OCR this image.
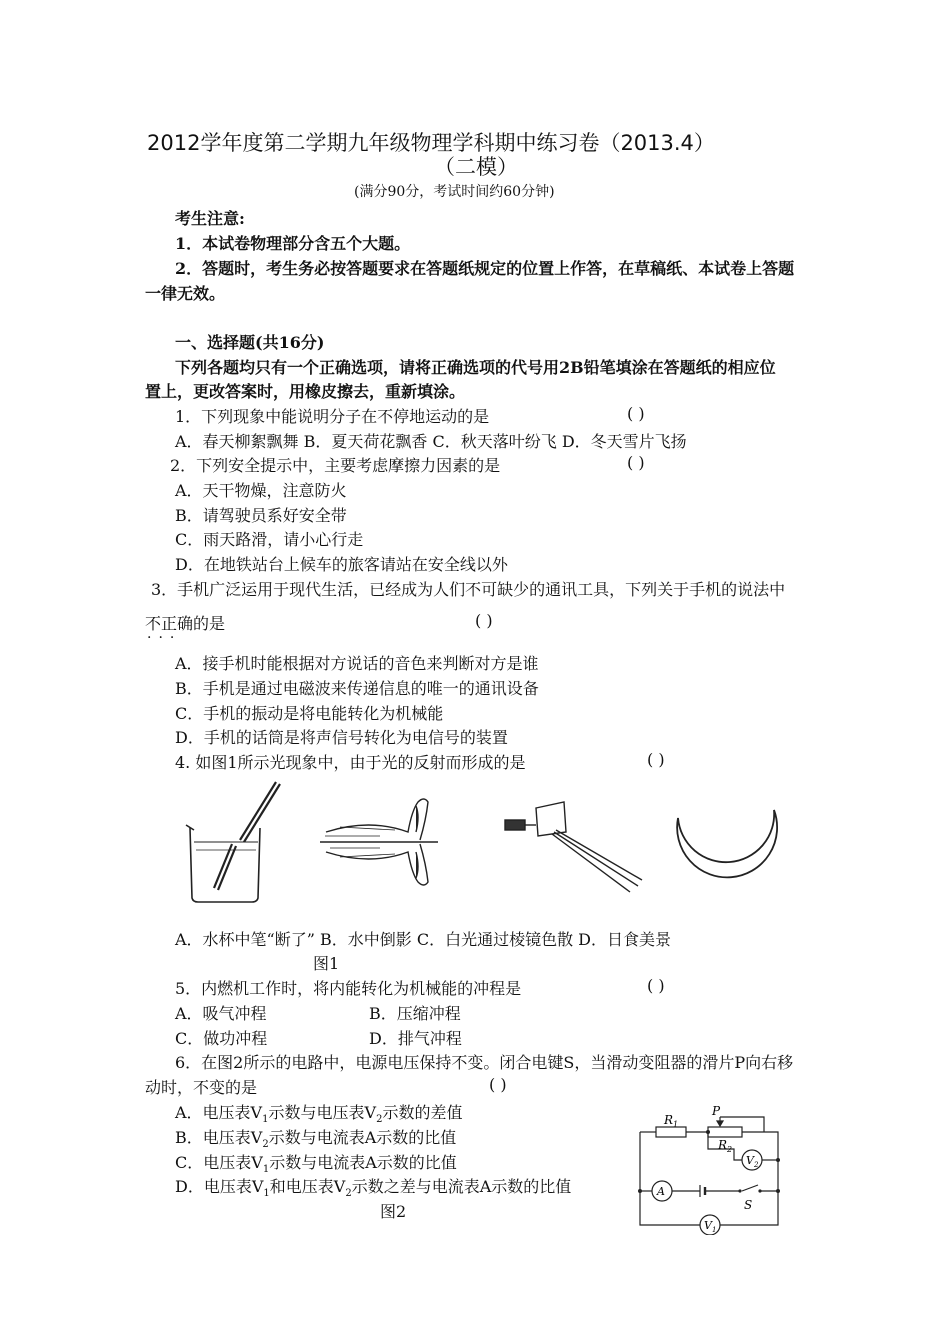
2012学年度第二学期九年级物理学科期中练习卷（2013.4）
（二模）
(满分90分，考试时间约60分钟)
考生注意:
1．本试卷物理部分含五个大题。
2．答题时，考生务必按答题要求在答题纸规定的位置上作答，在草稿纸、本试卷上答题
一律无效。
一、选择题(共16分)
下列各题均只有一个正确选项，请将正确选项的代号用2B铅笔填涂在答题纸的相应位
置上，更改答案时，用橡皮擦去，重新填涂。
1．下列现象中能说明分子在不停地运动的是	( )
A．春天柳絮飘舞 B．夏天荷花飘香 C．秋天落叶纷飞 D．冬天雪片飞扬
2．下列安全提示中，主要考虑摩擦力因素的是	( )
A．天干物燥，注意防火
B．请驾驶员系好安全带
C．雨天路滑，请小心行走
D．在地铁站台上候车的旅客请站在安全线以外
3．手机广泛运用于现代生活，已经成为人们不可缺少的通讯工具，下列关于手机的说法中
不正确的是
···
( )
A．接手机时能根据对方说话的音色来判断对方是谁
B．手机是通过电磁波来传递信息的唯一的通讯设备
C．手机的振动是将电能转化为机械能
D．手机的话筒是将声信号转化为电信号的装置
4. 如图1所示光现象中，由于光的反射而形成的是	( )
A．水杯中笔“断了” B．水中倒影 C．白光通过棱镜色散 D．日食美景
图1
5．内燃机工作时，将内能转化为机械能的冲程是	( )
A．吸气冲程	B．压缩冲程
C．做功冲程	D．排气冲程
6．在图2所示的电路中，电源电压保持不变。闭合电键S，当滑动变阻器的滑片P向右移
动时，不变的是	( )
A．电压表$V_1$示数与电压表$V_2$示数的差值
B．电压表$V_2$示数与电流表A示数的比值
C．电压表$V_1$示数与电流表A示数的比值
D．电压表$V_1$和电压表$V_2$示数之差与电流表A示数的比值
图2
$R_1$
P
$R_2$
$V_2$
A
S
$V_1$
